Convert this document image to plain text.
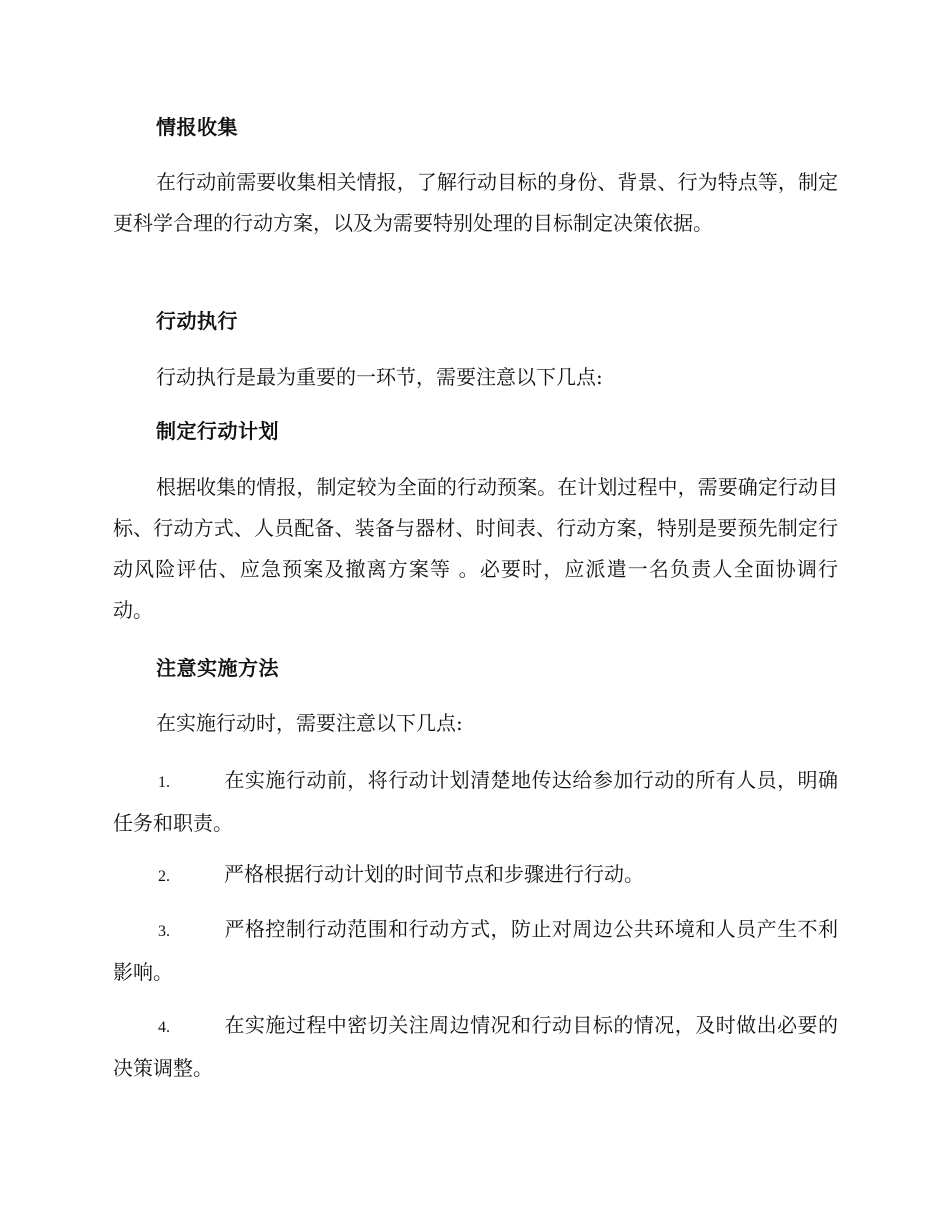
情报收集
在行动前需要收集相关情报，了解行动目标的身份、背景、行为特点等，制定更科学合理的行动方案，以及为需要特别处理的目标制定决策依据。
行动执行
行动执行是最为重要的一环节，需要注意以下几点:
制定行动计划
根据收集的情报，制定较为全面的行动预案。在计划过程中，需要确定行动目标、行动方式、人员配备、装备与器材、时间表、行动方案，特别是要预先制定行动风险评估、应急预案及撤离方案等 。必要时，应派遣一名负责人全面协调行动。
注意实施方法
在实施行动时，需要注意以下几点:
1.	在实施行动前，将行动计划清楚地传达给参加行动的所有人员，明确任务和职责。
2.	严格根据行动计划的时间节点和步骤进行行动。
3.	严格控制行动范围和行动方式，防止对周边公共环境和人员产生不利影响。
4.	在实施过程中密切关注周边情况和行动目标的情况，及时做出必要的决策调整。
